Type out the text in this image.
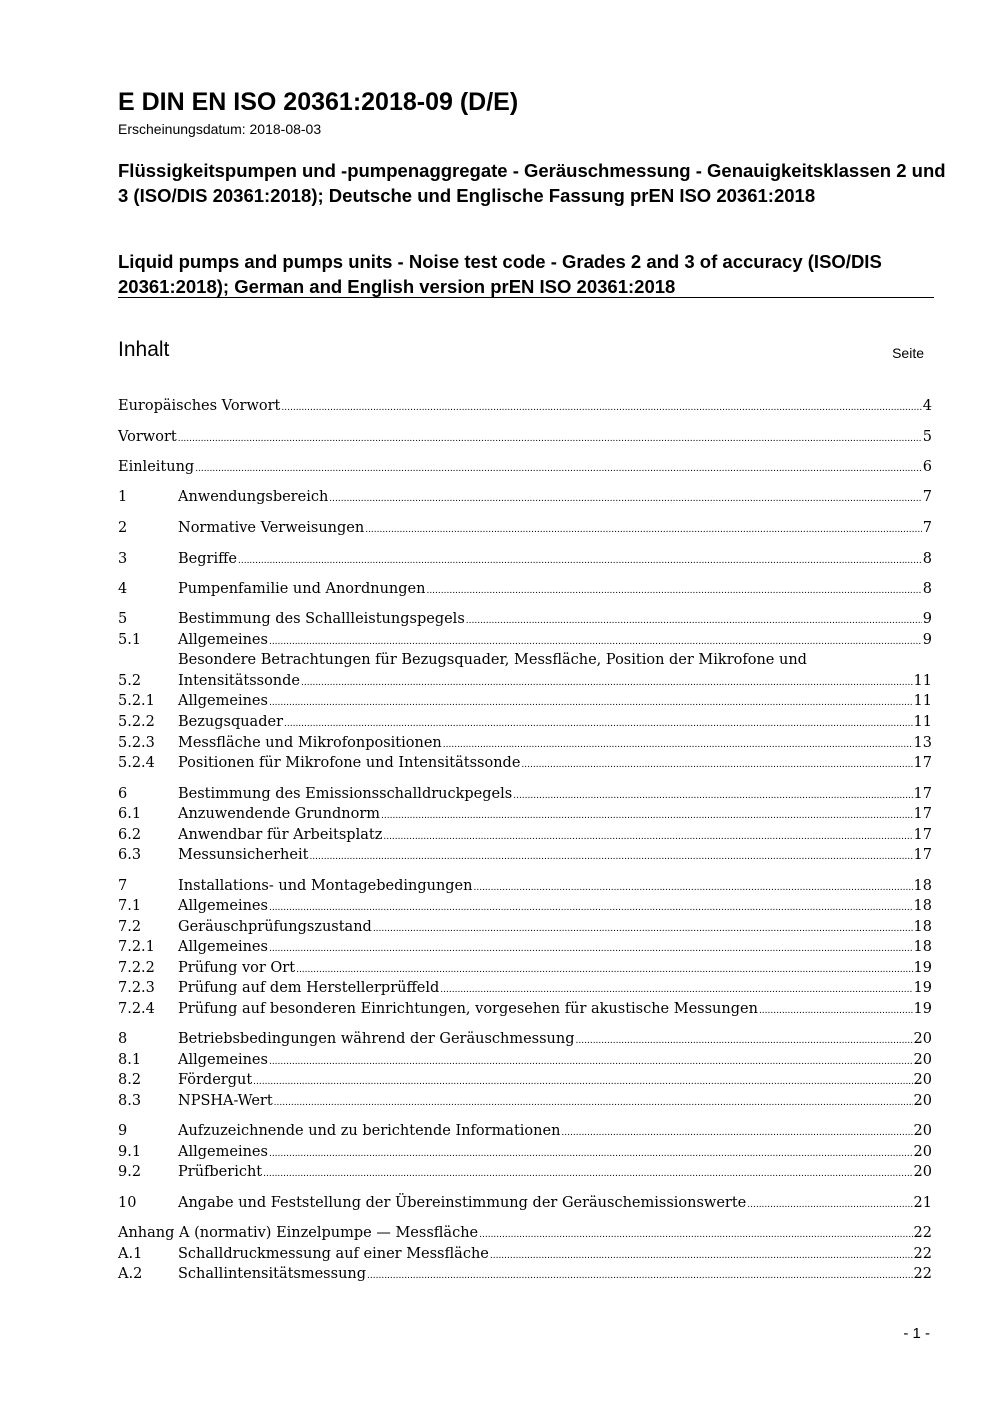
E DIN EN ISO 20361:2018-09 (D/E)
Erscheinungsdatum: 2018-08-03
Flüssigkeitspumpen und -pumpenaggregate - Geräuschmessung - Genauigkeitsklassen 2 und 3 (ISO/DIS 20361:2018); Deutsche und Englische Fassung prEN ISO 20361:2018
Liquid pumps and pumps units - Noise test code - Grades 2 and 3 of accuracy (ISO/DIS 20361:2018); German and English version prEN ISO 20361:2018
Inhalt	Seite
Europäisches Vorwort .....	4
Vorwort .....	5
Einleitung .....	6
1	Anwendungsbereich .....	7
2	Normative Verweisungen .....	7
3	Begriffe .....	8
4	Pumpenfamilie und Anordnungen .....	8
5	Bestimmung des Schallleistungspegels .....	9
5.1	Allgemeines .....	9
Besondere Betrachtungen für Bezugsquader, Messfläche, Position der Mikrofone und
5.2	Intensitätssonde .....	11
5.2.1 Allgemeines .....	11
5.2.2 Bezugsquader .....	11
5.2.3 Messfläche und Mikrofonpositionen .....	13
5.2.4 Positionen für Mikrofone und Intensitätssonde .....	17
6	Bestimmung des Emissionsschalldruckpegels .....	17
6.1	Anzuwendende Grundnorm .....	17
6.2	Anwendbar für Arbeitsplatz .....	17
6.3	Messunsicherheit .....	17
7	Installations- und Montagebedingungen .....	18
7.1	Allgemeines .....	18
7.2	Geräuschprüfungszustand .....	18
7.2.1 Allgemeines .....	18
7.2.2 Prüfung vor Ort .....	19
7.2.3 Prüfung auf dem Herstellerprüffeld .....	19
7.2.4 Prüfung auf besonderen Einrichtungen, vorgesehen für akustische Messungen .....	19
8	Betriebsbedingungen während der Geräuschmessung .....	20
8.1	Allgemeines .....	20
8.2	Fördergut .....	20
8.3	NPSHA-Wert .....	20
9	Aufzuzeichnende und zu berichtende Informationen .....	20
9.1	Allgemeines .....	20
9.2	Prüfbericht .....	20
10	Angabe und Feststellung der Übereinstimmung der Geräuschemissionswerte .....	21
Anhang A (normativ) Einzelpumpe — Messfläche .....	22
A.1 Schalldruckmessung auf einer Messfläche .....	22
A.2 Schallintensitätsmessung .....	22
- 1 -
